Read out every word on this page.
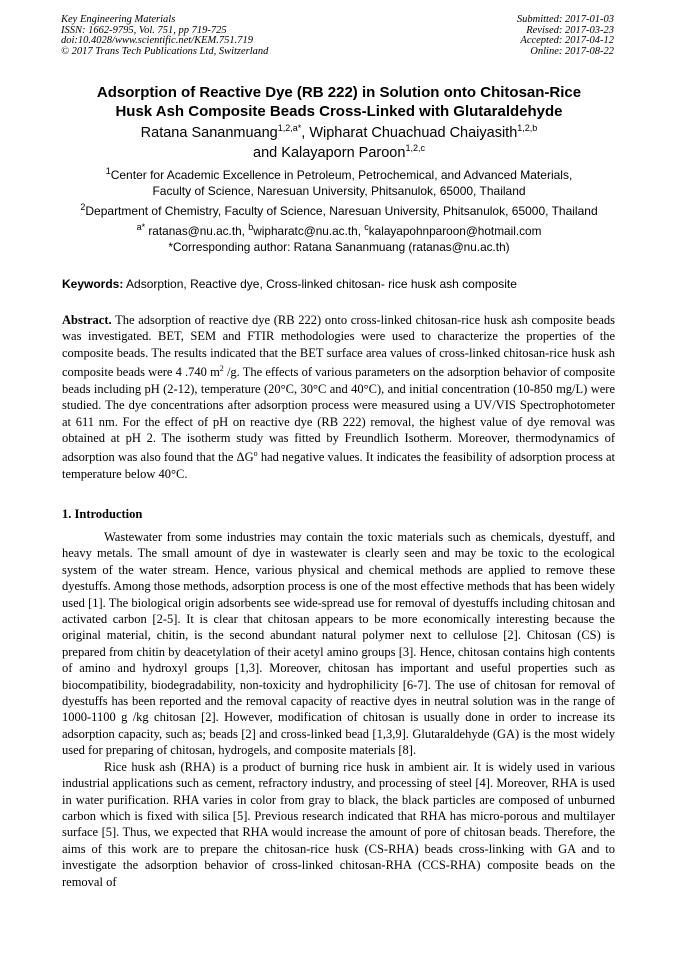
Key Engineering Materials
ISSN: 1662-9795, Vol. 751, pp 719-725
doi:10.4028/www.scientific.net/KEM.751.719
© 2017 Trans Tech Publications Ltd, Switzerland
Submitted: 2017-01-03
Revised: 2017-03-23
Accepted: 2017-04-12
Online: 2017-08-22
Adsorption of Reactive Dye (RB 222) in Solution onto Chitosan-Rice
Husk Ash Composite Beads Cross-Linked with Glutaraldehyde
Ratana Sananmuang$^{1,2,a*}$, Wipharat Chuachuad Chaiyasith$^{1,2,b}$
and Kalayaporn Paroon$^{1,2,c}$
$^1$Center for Academic Excellence in Petroleum, Petrochemical, and Advanced Materials,
Faculty of Science, Naresuan University, Phitsanulok, 65000, Thailand
$^2$Department of Chemistry, Faculty of Science, Naresuan University, Phitsanulok, 65000, Thailand
$^{a*}$ ratanas@nu.ac.th, $^b$wipharatc@nu.ac.th, $^c$kalayapohnparoon@hotmail.com
*Corresponding author: Ratana Sananmuang (ratanas@nu.ac.th)
Keywords: Adsorption, Reactive dye, Cross-linked chitosan- rice husk ash composite
Abstract. The adsorption of reactive dye (RB 222) onto cross-linked chitosan-rice husk ash composite beads was investigated. BET, SEM and FTIR methodologies were used to characterize the properties of the composite beads. The results indicated that the BET surface area values of cross-linked chitosan-rice husk ash composite beads were 4 .740 $m^2$ /g. The effects of various parameters on the adsorption behavior of composite beads including pH (2-12), temperature (20°C, 30°C and 40°C), and initial concentration (10-850 mg/L) were studied. The dye concentrations after adsorption process were measured using a UV/VIS Spectrophotometer at 611 nm. For the effect of pH on reactive dye (RB 222) removal, the highest value of dye removal was obtained at pH 2. The isotherm study was fitted by Freundlich Isotherm. Moreover, thermodynamics of adsorption was also found that the $\Delta G^o$ had negative values. It indicates the feasibility of adsorption process at temperature below 40°C.
1. Introduction

Wastewater from some industries may contain the toxic materials such as chemicals, dyestuff, and heavy metals. The small amount of dye in wastewater is clearly seen and may be toxic to the ecological system of the water stream. Hence, various physical and chemical methods are applied to remove these dyestuffs. Among those methods, adsorption process is one of the most effective methods that has been widely used [1]. The biological origin adsorbents see wide-spread use for removal of dyestuffs including chitosan and activated carbon [2-5]. It is clear that chitosan appears to be more economically interesting because the original material, chitin, is the second abundant natural polymer next to cellulose [2]. Chitosan (CS) is prepared from chitin by deacetylation of their acetyl amino groups [3]. Hence, chitosan contains high contents of amino and hydroxyl groups [1,3]. Moreover, chitosan has important and useful properties such as biocompatibility, biodegradability, non-toxicity and hydrophilicity [6-7]. The use of chitosan for removal of dyestuffs has been reported and the removal capacity of reactive dyes in neutral solution was in the range of 1000-1100 g /kg chitosan [2]. However, modification of chitosan is usually done in order to increase its adsorption capacity, such as; beads [2] and cross-linked bead [1,3,9]. Glutaraldehyde (GA) is the most widely used for preparing of chitosan, hydrogels, and composite materials [8].

Rice husk ash (RHA) is a product of burning rice husk in ambient air. It is widely used in various industrial applications such as cement, refractory industry, and processing of steel [4]. Moreover, RHA is used in water purification. RHA varies in color from gray to black, the black particles are composed of unburned carbon which is fixed with silica [5]. Previous research indicated that RHA has micro-porous and multilayer surface [5]. Thus, we expected that RHA would increase the amount of pore of chitosan beads. Therefore, the aims of this work are to prepare the chitosan-rice husk (CS-RHA) beads cross-linking with GA and to investigate the adsorption behavior of cross-linked chitosan-RHA (CCS-RHA) composite beads on the removal of
